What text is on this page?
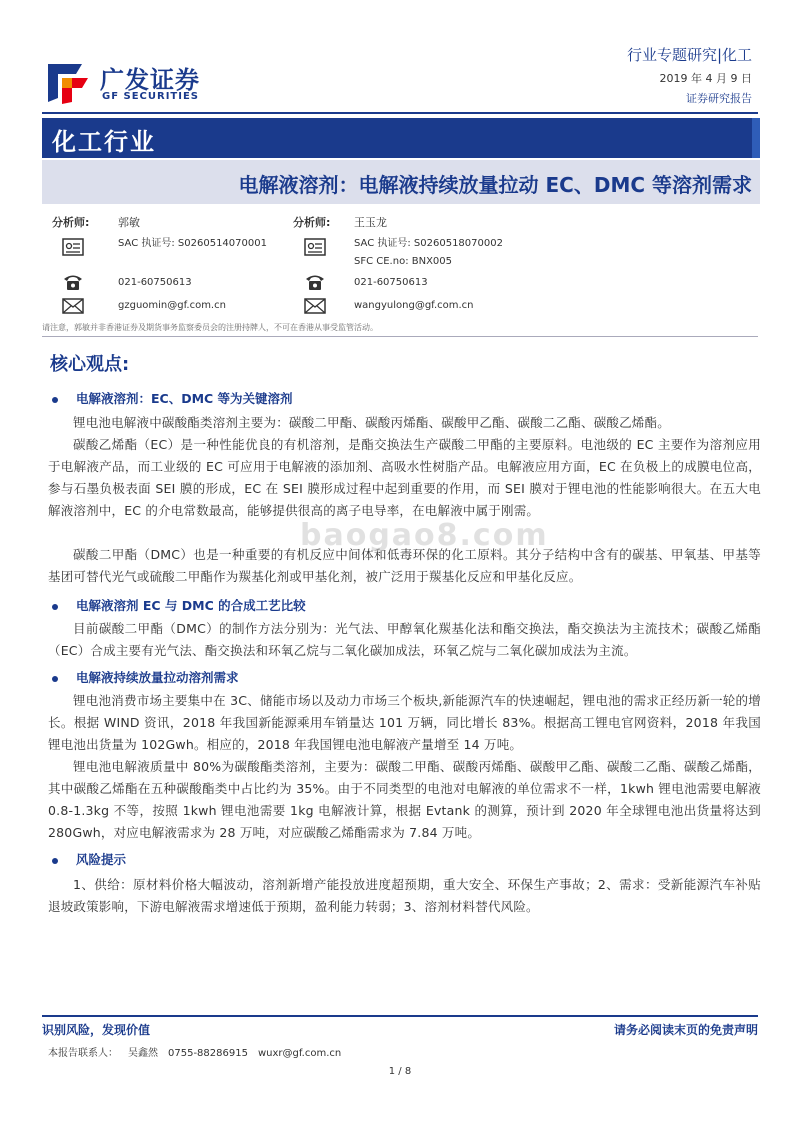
广发证券
GF SECURITIES
行业专题研究|化工
2019 年 4 月 9 日
证券研究报告
化工行业
电解液溶剂：电解液持续放量拉动 EC、DMC 等溶剂需求
分析师:	郭敏
SAC 执证号: S0260514070001
021-60750613
gzguomin@gf.com.cn
分析师: 王玉龙
SAC 执证号: S0260518070002
SFC CE.no: BNX005
021-60750613
wangyulong@gf.com.cn
请注意，郭敏并非香港证券及期货事务监察委员会的注册持牌人，不可在香港从事受监管活动。
核心观点:
电解液溶剂：EC、DMC 等为关键溶剂
锂电池电解液中碳酸酯类溶剂主要为：碳酸二甲酯、碳酸丙烯酯、碳酸甲乙酯、碳酸二乙酯、碳酸乙烯酯。
碳酸乙烯酯（EC）是一种性能优良的有机溶剂，是酯交换法生产碳酸二甲酯的主要原料。电池级的 EC 主要作为溶剂应用于电解液产品，而工业级的 EC 可应用于电解液的添加剂、高吸水性树脂产品。电解液应用方面，EC 在负极上的成膜电位高，参与石墨负极表面 SEI 膜的形成，EC 在 SEI 膜形成过程中起到重要的作用，而 SEI 膜对于锂电池的性能影响很大。在五大电解液溶剂中，EC 的介电常数最高，能够提供很高的离子电导率，在电解液中属于刚需。
碳酸二甲酯（DMC）也是一种重要的有机反应中间体和低毒环保的化工原料。其分子结构中含有的碳基、甲氧基、甲基等基团可替代光气或硫酸二甲酯作为羰基化剂或甲基化剂，被广泛用于羰基化反应和甲基化反应。
电解液溶剂 EC 与 DMC 的合成工艺比较
目前碳酸二甲酯（DMC）的制作方法分别为：光气法、甲醇氧化羰基化法和酯交换法，酯交换法为主流技术；碳酸乙烯酯（EC）合成主要有光气法、酯交换法和环氧乙烷与二氧化碳加成法，环氧乙烷与二氧化碳加成法为主流。
电解液持续放量拉动溶剂需求
锂电池消费市场主要集中在 3C、储能市场以及动力市场三个板块,新能源汽车的快速崛起，锂电池的需求正经历新一轮的增长。根据 WIND 资讯，2018 年我国新能源乘用车销量达 101 万辆，同比增长 83%。根据高工锂电官网资料，2018 年我国锂电池出货量为 102Gwh。相应的，2018 年我国锂电池电解液产量增至 14 万吨。
锂电池电解液质量中 80%为碳酸酯类溶剂，主要为：碳酸二甲酯、碳酸丙烯酯、碳酸甲乙酯、碳酸二乙酯、碳酸乙烯酯，其中碳酸乙烯酯在五种碳酸酯类中占比约为 35%。由于不同类型的电池对电解液的单位需求不一样，1kwh 锂电池需要电解液 0.8-1.3kg 不等，按照 1kwh 锂电池需要 1kg 电解液计算，根据 Evtank 的测算，预计到 2020 年全球锂电池出货量将达到 280Gwh，对应电解液需求为 28 万吨，对应碳酸乙烯酯需求为 7.84 万吨。
风险提示
1、供给：原材料价格大幅波动，溶剂新增产能投放进度超预期，重大安全、环保生产事故；2、需求：受新能源汽车补贴退坡政策影响，下游电解液需求增速低于预期，盈利能力转弱；3、溶剂材料替代风险。
baogao8.com
识别风险，发现价值	请务必阅读末页的免责声明
本报告联系人： 吴鑫然 0755-88286915 wuxr@gf.com.cn
1 / 8
